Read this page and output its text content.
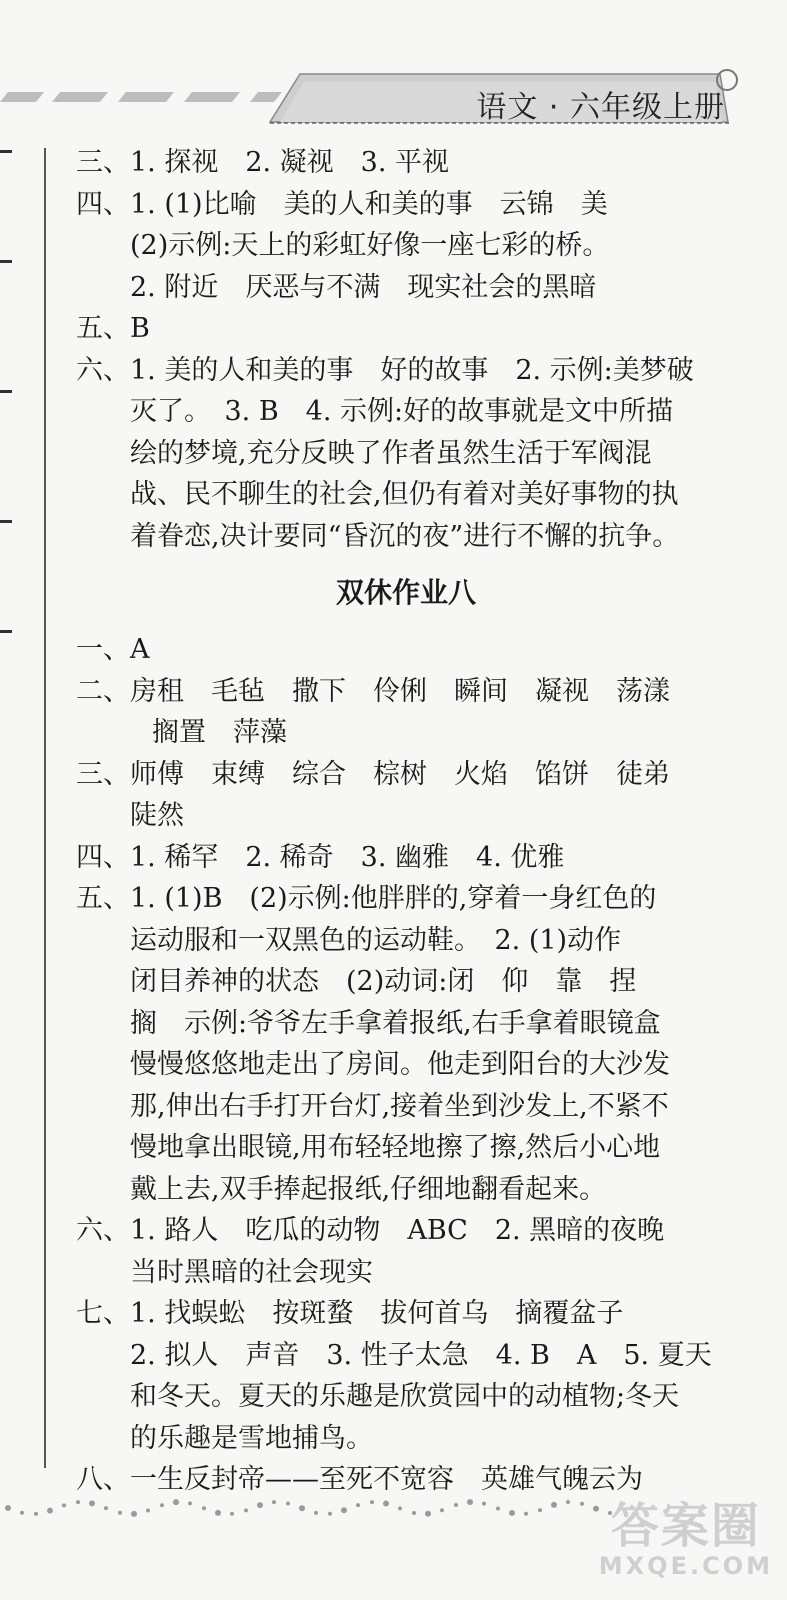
语文 · 六年级上册
三、1. 探视　2. 凝视　3. 平视
四、1. (1)比喻　美的人和美的事　云锦　美
(2)示例:天上的彩虹好像一座七彩的桥。
2. 附近　厌恶与不满　现实社会的黑暗
五、B
六、1. 美的人和美的事　好的故事　2. 示例:美梦破
灭了。　3. B　4. 示例:好的故事就是文中所描
绘的梦境,充分反映了作者虽然生活于军阀混
战、民不聊生的社会,但仍有着对美好事物的执
着眷恋,决计要同“昏沉的夜”进行不懈的抗争。
双休作业八
一、A
二、房租　毛毡　撒下　伶俐　瞬间　凝视　荡漾
搁置　萍藻
三、师傅　束缚　综合　棕树　火焰　馅饼　徒弟
陡然
四、1. 稀罕　2. 稀奇　3. 幽雅　4. 优雅
五、1. (1)B　(2)示例:他胖胖的,穿着一身红色的
运动服和一双黑色的运动鞋。　2. (1)动作
闭目养神的状态　(2)动词:闭　仰　靠　捏
搁　示例:爷爷左手拿着报纸,右手拿着眼镜盒
慢慢悠悠地走出了房间。他走到阳台的大沙发
那,伸出右手打开台灯,接着坐到沙发上,不紧不
慢地拿出眼镜,用布轻轻地擦了擦,然后小心地
戴上去,双手捧起报纸,仔细地翻看起来。
六、1. 路人　吃瓜的动物　ABC　2. 黑暗的夜晚
当时黑暗的社会现实
七、1. 找蜈蚣　按斑蝥　拔何首乌　摘覆盆子
2. 拟人　声音　3. 性子太急　4. B　A　5. 夏天
和冬天。夏天的乐趣是欣赏园中的动植物;冬天
的乐趣是雪地捕鸟。
八、一生反封帝——至死不宽容　英雄气魄云为
答案圈
MXQE.COM
